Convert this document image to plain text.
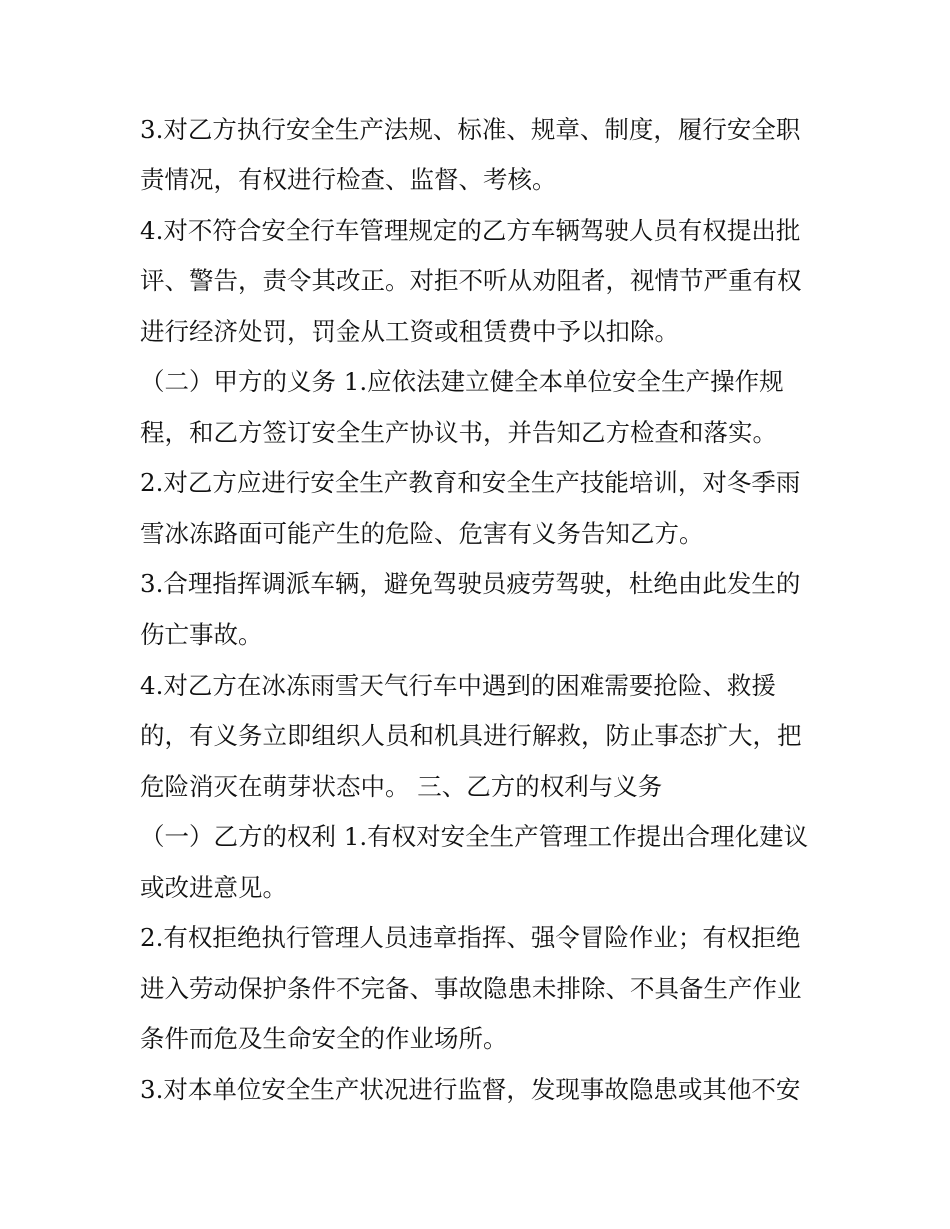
3.对乙方执行安全生产法规、标准、规章、制度，履行安全职
责情况，有权进行检查、监督、考核。
4.对不符合安全行车管理规定的乙方车辆驾驶人员有权提出批
评、警告，责令其改正。对拒不听从劝阻者，视情节严重有权
进行经济处罚，罚金从工资或租赁费中予以扣除。
（二）甲方的义务 1.应依法建立健全本单位安全生产操作规
程，和乙方签订安全生产协议书，并告知乙方检查和落实。
2.对乙方应进行安全生产教育和安全生产技能培训，对冬季雨
雪冰冻路面可能产生的危险、危害有义务告知乙方。
3.合理指挥调派车辆，避免驾驶员疲劳驾驶，杜绝由此发生的
伤亡事故。
4.对乙方在冰冻雨雪天气行车中遇到的困难需要抢险、救援
的，有义务立即组织人员和机具进行解救，防止事态扩大，把
危险消灭在萌芽状态中。 三、乙方的权利与义务
（一）乙方的权利 1.有权对安全生产管理工作提出合理化建议
或改进意见。
2.有权拒绝执行管理人员违章指挥、强令冒险作业；有权拒绝
进入劳动保护条件不完备、事故隐患未排除、不具备生产作业
条件而危及生命安全的作业场所。
3.对本单位安全生产状况进行监督，发现事故隐患或其他不安
